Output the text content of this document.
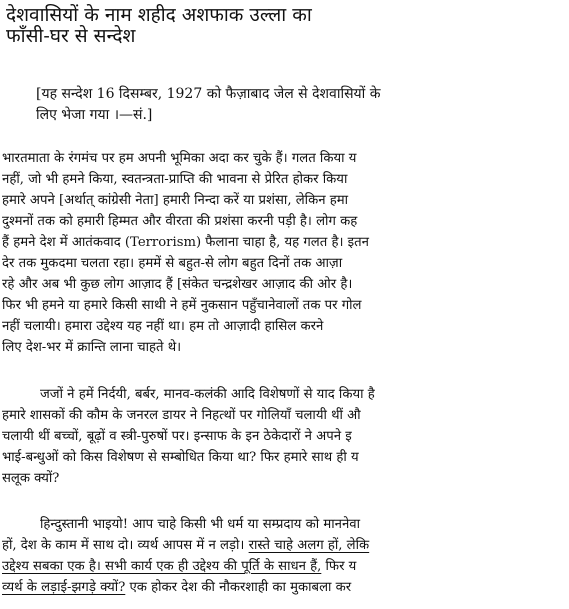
देशवासियों के नाम शहीद अशफाक उल्ला का
फाँसी-घर से सन्देश
[यह सन्देश 16 दिसम्बर, 1927 को फैज़ाबाद जेल से देशवासियों के
लिए भेजा गया ।—सं.]
भारतमाता के रंगमंच पर हम अपनी भूमिका अदा कर चुके हैं। गलत किया य
नहीं, जो भी हमने किया, स्वतन्त्रता-प्राप्ति की भावना से प्रेरित होकर किया
हमारे अपने [अर्थात् कांग्रेसी नेता] हमारी निन्दा करें या प्रशंसा, लेकिन हमा
दुश्मनों तक को हमारी हिम्मत और वीरता की प्रशंसा करनी पड़ी है। लोग कह
हैं हमने देश में आतंकवाद (Terrorism) फैलाना चाहा है, यह गलत है। इतन
देर तक मुकदमा चलता रहा। हममें से बहुत-से लोग बहुत दिनों तक आज़ा
रहे और अब भी कुछ लोग आज़ाद हैं [संकेत चन्द्रशेखर आज़ाद की ओर है।
फिर भी हमने या हमारे किसी साथी ने हमें नुकसान पहुँचानेवालों तक पर गोल
नहीं चलायी। हमारा उद्देश्य यह नहीं था। हम तो आज़ादी हासिल करने
लिए देश-भर में क्रान्ति लाना चाहते थे।
जजों ने हमें निर्दयी, बर्बर, मानव-कलंकी आदि विशेषणों से याद किया है
हमारे शासकों की कौम के जनरल डायर ने निहत्थों पर गोलियाँ चलायी थीं औ
चलायी थीं बच्चों, बूढ़ों व स्त्री-पुरुषों पर। इन्साफ के इन ठेकेदारों ने अपने इ
भाई-बन्धुओं को किस विशेषण से सम्बोधित किया था? फिर हमारे साथ ही य
सलूक क्यों?
हिन्दुस्तानी भाइयो! आप चाहे किसी भी धर्म या सम्प्रदाय को माननेवा
हों, देश के काम में साथ दो। व्यर्थ आपस में न लड़ो। रास्ते चाहे अलग हों, लेकि
उद्देश्य सबका एक है। सभी कार्य एक ही उद्देश्य की पूर्ति के साधन हैं, फिर य
व्यर्थ के लड़ाई-झगड़े क्यों? एक होकर देश की नौकरशाही का मुकाबला कर
